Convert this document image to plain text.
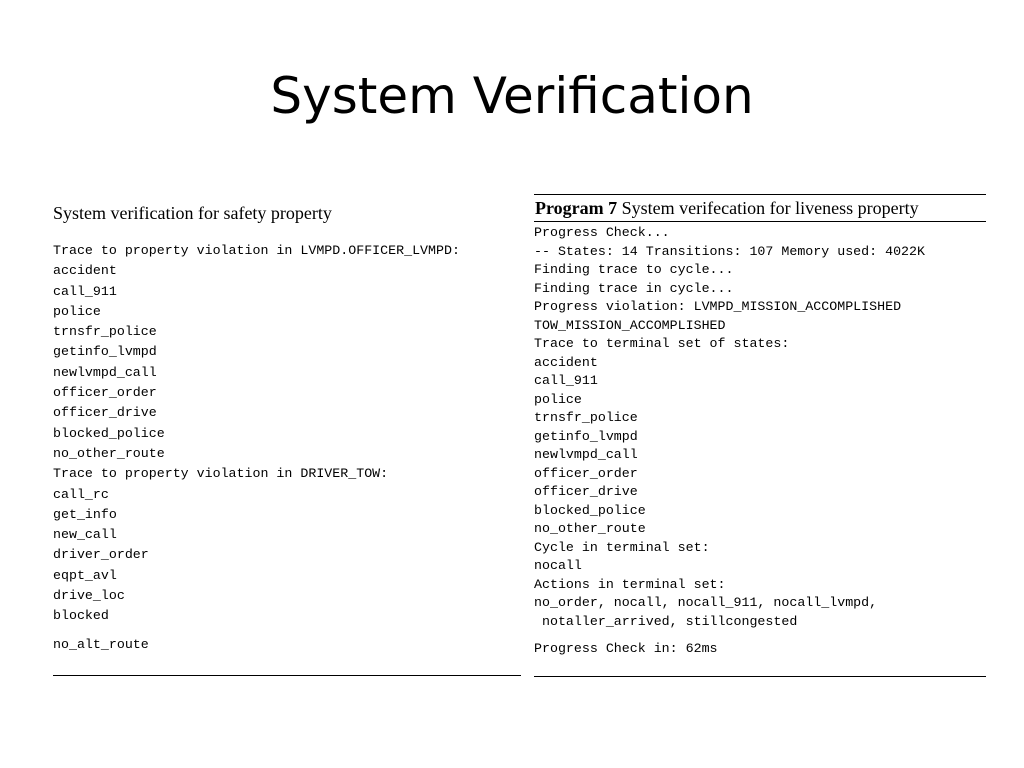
System Verification
System verification for safety property
Trace to property violation in LVMPD.OFFICER_LVMPD:
accident
call_911
police
trnsfr_police
getinfo_lvmpd
newlvmpd_call
officer_order
officer_drive
blocked_police
no_other_route
Trace to property violation in DRIVER_TOW:
call_rc
get_info
new_call
driver_order
eqpt_avl
drive_loc
blocked
no_alt_route
Program 7 System verifecation for liveness property
Progress Check...
-- States: 14 Transitions: 107 Memory used: 4022K
Finding trace to cycle...
Finding trace in cycle...
Progress violation: LVMPD_MISSION_ACCOMPLISHED
TOW_MISSION_ACCOMPLISHED
Trace to terminal set of states:
accident
call_911
police
trnsfr_police
getinfo_lvmpd
newlvmpd_call
officer_order
officer_drive
blocked_police
no_other_route
Cycle in terminal set:
nocall
Actions in terminal set:
no_order, nocall, nocall_911, nocall_lvmpd,
notaller_arrived, stillcongested
Progress Check in: 62ms
